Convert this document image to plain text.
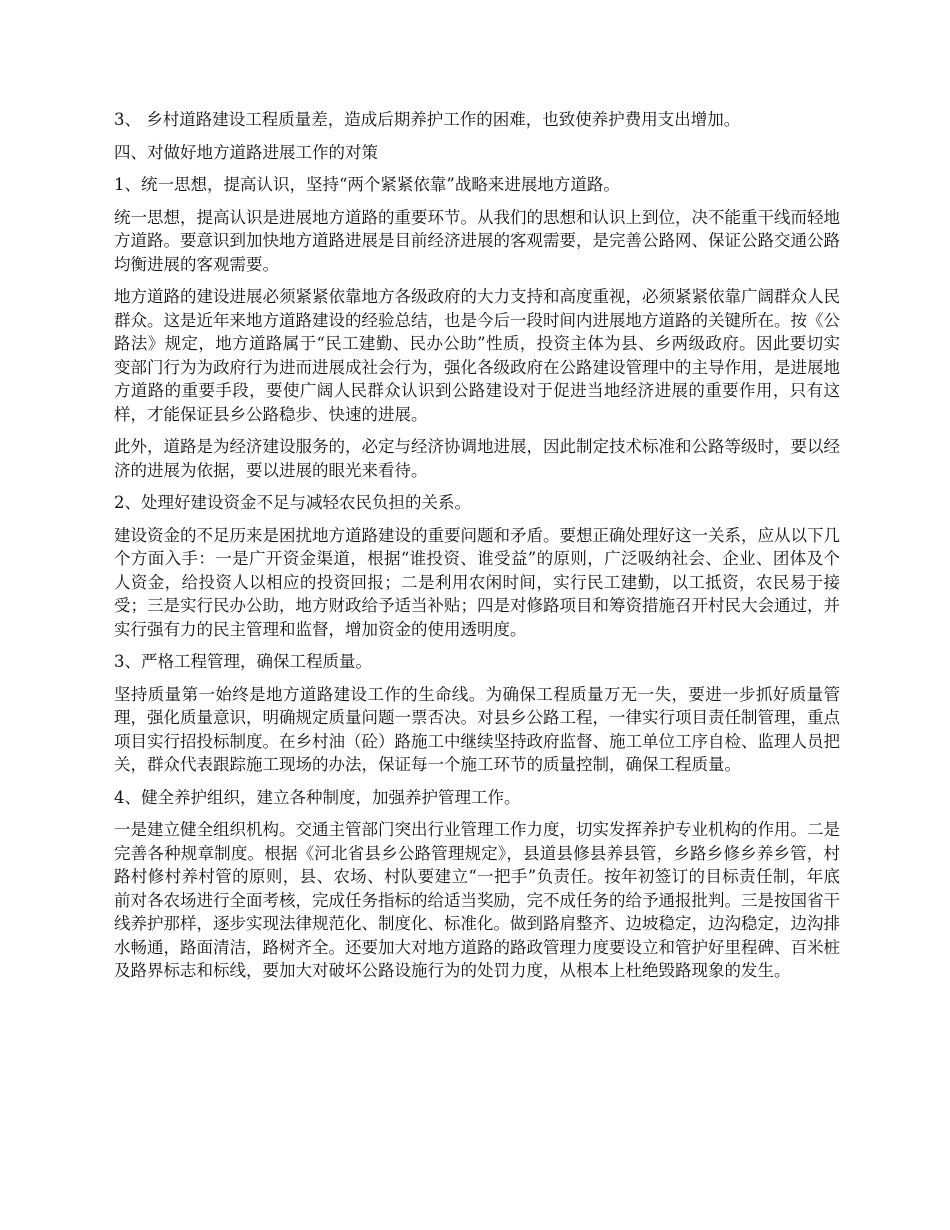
3、 乡村道路建设工程质量差，造成后期养护工作的困难，也致使养护费用支出增加。

四、对做好地方道路进展工作的对策

1、统一思想，提高认识，坚持“两个紧紧依靠”战略来进展地方道路。

统一思想，提高认识是进展地方道路的重要环节。从我们的思想和认识上到位，决不能重干线而轻地方道路。要意识到加快地方道路进展是目前经济进展的客观需要，是完善公路网、保证公路交通公路均衡进展的客观需要。

地方道路的建设进展必须紧紧依靠地方各级政府的大力支持和高度重视，必须紧紧依靠广阔群众人民群众。这是近年来地方道路建设的经验总结，也是今后一段时间内进展地方道路的关键所在。按《公路法》规定，地方道路属于“民工建勤、民办公助”性质，投资主体为县、乡两级政府。因此要切实变部门行为为政府行为进而进展成社会行为，强化各级政府在公路建设管理中的主导作用，是进展地方道路的重要手段，要使广阔人民群众认识到公路建设对于促进当地经济进展的重要作用，只有这样，才能保证县乡公路稳步、快速的进展。

此外，道路是为经济建设服务的，必定与经济协调地进展，因此制定技术标准和公路等级时，要以经济的进展为依据，要以进展的眼光来看待。

2、处理好建设资金不足与减轻农民负担的关系。

建设资金的不足历来是困扰地方道路建设的重要问题和矛盾。要想正确处理好这一关系，应从以下几个方面入手：一是广开资金渠道，根据“谁投资、谁受益”的原则，广泛吸纳社会、企业、团体及个人资金，给投资人以相应的投资回报；二是利用农闲时间，实行民工建勤，以工抵资，农民易于接受；三是实行民办公助，地方财政给予适当补贴；四是对修路项目和筹资措施召开村民大会通过，并实行强有力的民主管理和监督，增加资金的使用透明度。

3、严格工程管理，确保工程质量。

坚持质量第一始终是地方道路建设工作的生命线。为确保工程质量万无一失，要进一步抓好质量管理，强化质量意识，明确规定质量问题一票否决。对县乡公路工程，一律实行项目责任制管理，重点项目实行招投标制度。在乡村油（砼）路施工中继续坚持政府监督、施工单位工序自检、监理人员把关，群众代表跟踪施工现场的办法，保证每一个施工环节的质量控制，确保工程质量。

4、健全养护组织，建立各种制度，加强养护管理工作。

一是建立健全组织机构。交通主管部门突出行业管理工作力度，切实发挥养护专业机构的作用。二是完善各种规章制度。根据《河北省县乡公路管理规定》，县道县修县养县管，乡路乡修乡养乡管，村路村修村养村管的原则，县、农场、村队要建立“一把手”负责任。按年初签订的目标责任制，年底前对各农场进行全面考核，完成任务指标的给适当奖励，完不成任务的给予通报批判。三是按国省干线养护那样，逐步实现法律规范化、制度化、标准化。做到路肩整齐、边坡稳定，边沟稳定，边沟排水畅通，路面清洁，路树齐全。还要加大对地方道路的路政管理力度要设立和管护好里程碑、百米桩及路界标志和标线，要加大对破坏公路设施行为的处罚力度，从根本上杜绝毁路现象的发生。
